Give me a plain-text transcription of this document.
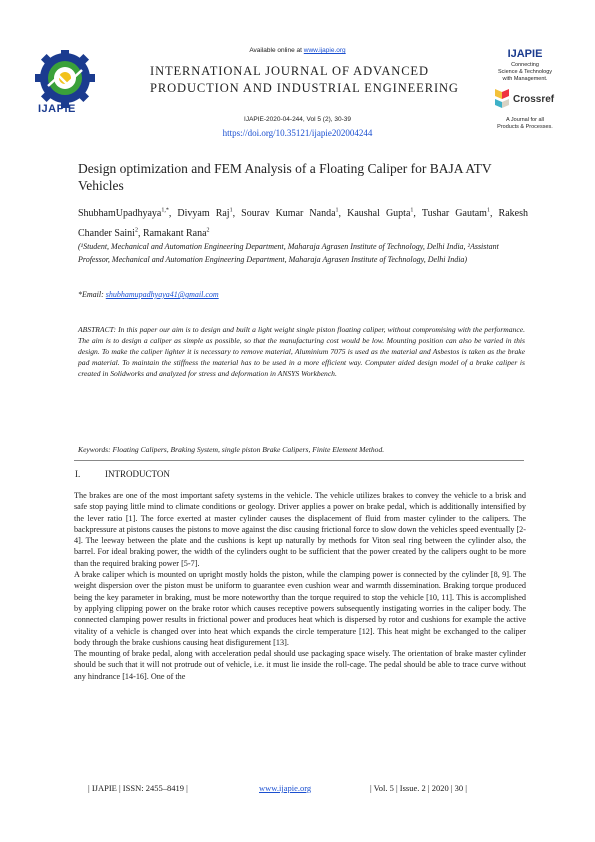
Available online at www.ijapie.org
IJAPIE
INTERNATIONAL JOURNAL OF ADVANCED
PRODUCTION AND INDUSTRIAL ENGINEERING
IJAPIE-2020-04-244, Vol 5 (2), 30-39
https://doi.org/10.35121/ijapie202004244
IJAPIE
Connecting
Science & Technology
with Management.
Crossref
A Journal for all
Products & Processes.
Design optimization and FEM Analysis of a Floating Caliper for BAJA ATV Vehicles
ShubhamUpadhyaya$^{1,*}$, Divyam Raj$^1$, Sourav Kumar Nanda$^1$, Kaushal Gupta$^1$, Tushar Gautam$^1$, Rakesh Chander Saini$^2$, Ramakant Rana$^2$
(¹Student, Mechanical and Automation Engineering Department, Maharaja Agrasen Institute of Technology, Delhi India, ²Assistant Professor, Mechanical and Automation Engineering Department, Maharaja Agrasen Institute of Technology, Delhi India)
*Email: shubhamupadhyaya41@gmail.com
ABSTRACT: In this paper our aim is to design and built a light weight single piston floating caliper, without compromising with the performance. The aim is to design a caliper as simple as possible, so that the manufacturing cost would be low. Mounting position can also be varied in this design. To make the caliper lighter it is necessary to remove material, Aluminium 7075 is used as the material and Asbestos is taken as the brake pad material. To maintain the stiffness the material has to be used in a more efficient way. Computer aided design model of a brake caliper is created in Solidworks and analyzed for stress and deformation in ANSYS Workbench.
Keywords: Floating Calipers, Braking System, single piston Brake Calipers, Finite Element Method.
I.	INTRODUCTON

The brakes are one of the most important safety systems in the vehicle. The vehicle utilizes brakes to convey the vehicle to a brisk and safe stop paying little mind to climate conditions or geology. Driver applies a power on brake pedal, which is additionally intensified by the lever ratio [1]. The force exerted at master cylinder causes the displacement of fluid from master cylinder to the calipers. The backpressure at pistons causes the pistons to move against the disc causing frictional force to slow down the vehicles speed eventually [2-4]. The leeway between the plate and the cushions is kept up naturally by methods for Viton seal ring between the cylinder also, the barrel. For ideal braking power, the width of the cylinders ought to be sufficient that the power created by the calipers ought to be more than the required braking power [5-7].

A brake caliper which is mounted on upright mostly holds the piston, while the clamping power is connected by the cylinder [8, 9]. The weight dispersion over the piston must be uniform to guarantee even cushion wear and warmth dissemination. Braking torque produced being the key parameter in braking, must be more noteworthy than the torque required to stop the vehicle [10, 11]. This is accomplished by applying clipping power on the brake rotor which causes receptive powers subsequently instigating worries in the caliper body. The connected clamping power results in frictional power and produces heat which is dispersed by rotor and cushions for example the active vitality of a vehicle is changed over into heat which expands the circle temperature [12]. This heat might be exchanged to the caliper body through the brake cushions causing heat disfigurement [13].

The mounting of brake pedal, along with acceleration pedal should use packaging space wisely. The orientation of brake master cylinder should be such that it will not protrude out of vehicle, i.e. it must lie inside the roll-cage. The pedal should be able to trace curve without any hindrance [14-16]. One of the

| IJAPIE | ISSN: 2455–8419 |	www.ijapie.org	| Vol. 5 | Issue. 2 | 2020 | 30 |
